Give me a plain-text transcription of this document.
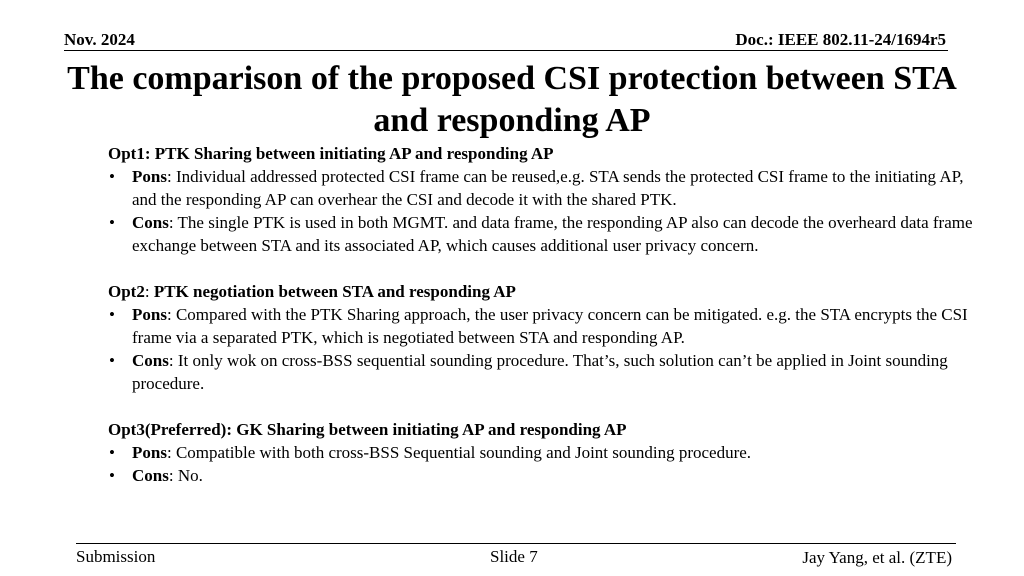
Nov. 2024	Doc.: IEEE 802.11-24/1694r5
The comparison of the proposed CSI protection between STA and responding AP

Opt1: PTK Sharing between initiating AP and responding AP

• Pons: Individual addressed protected CSI frame can be reused,e.g. STA sends the protected CSI frame to the initiating AP, and the responding AP can overhear the CSI and decode it with the shared PTK.
• Cons: The single PTK is used in both MGMT. and data frame, the responding AP also can decode the overheard data frame exchange between STA and its associated AP, which causes additional user privacy concern.

Opt2: PTK negotiation between STA and responding AP

• Pons: Compared with the PTK Sharing approach, the user privacy concern can be mitigated. e.g. the STA encrypts the CSI frame via a separated PTK, which is negotiated between STA and responding AP.
• Cons: It only wok on cross-BSS sequential sounding procedure. That’s, such solution can’t be applied in Joint sounding procedure.

Opt3(Preferred): GK Sharing between initiating AP and responding AP

• Pons: Compatible with both cross-BSS Sequential sounding and Joint sounding procedure.
• Cons: No.
Submission	Slide 7	Jay Yang, et al. (ZTE)
